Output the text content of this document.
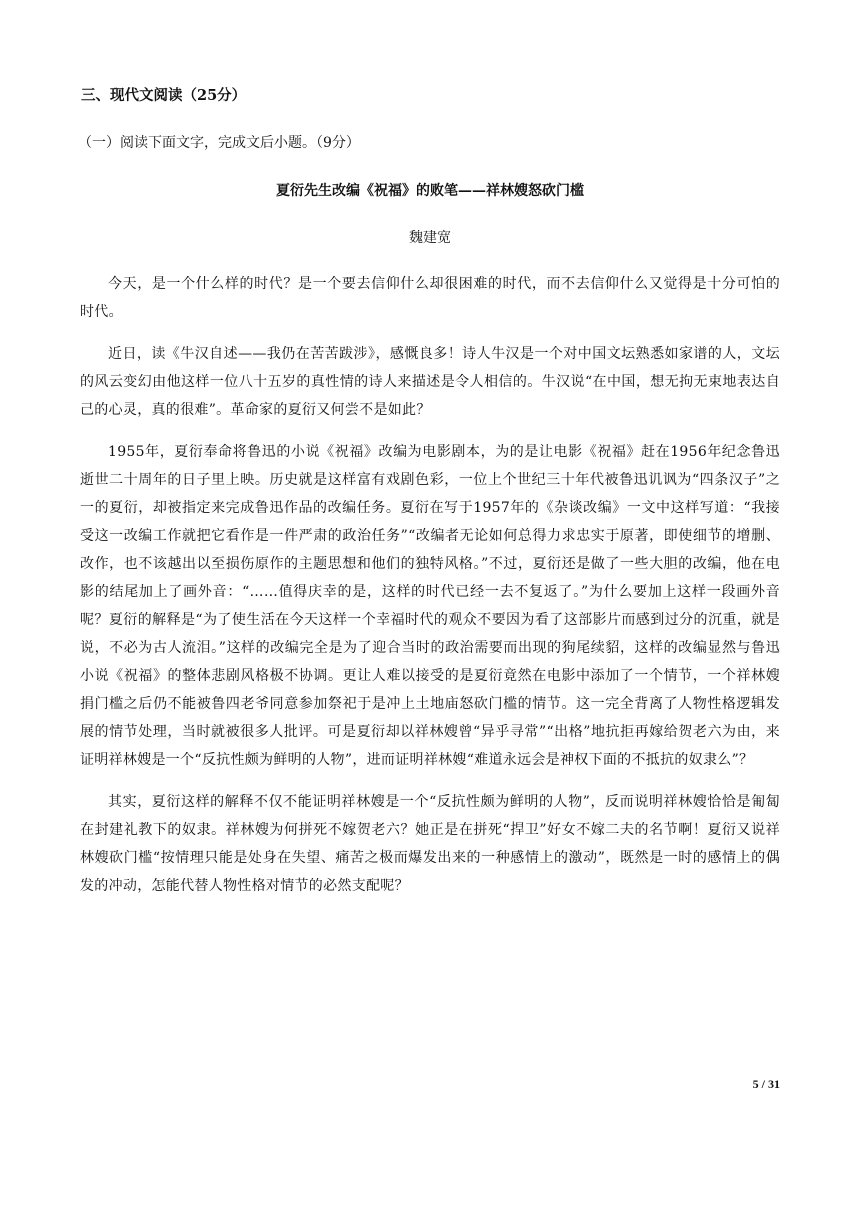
三、现代文阅读（25分）
（一）阅读下面文字，完成文后小题。（9分）
夏衍先生改编《祝福》的败笔——祥林嫂怒砍门槛
魏建宽

今天，是一个什么样的时代？是一个要去信仰什么却很困难的时代，而不去信仰什么又觉得是十分可怕的时代。

近日，读《牛汉自述——我仍在苦苦跋涉》，感慨良多！诗人牛汉是一个对中国文坛熟悉如家谱的人，文坛的风云变幻由他这样一位八十五岁的真性情的诗人来描述是令人相信的。牛汉说“在中国，想无拘无束地表达自己的心灵，真的很难”。革命家的夏衍又何尝不是如此？

1955年，夏衍奉命将鲁迅的小说《祝福》改编为电影剧本，为的是让电影《祝福》赶在1956年纪念鲁迅逝世二十周年的日子里上映。历史就是这样富有戏剧色彩，一位上个世纪三十年代被鲁迅讥讽为“四条汉子”之一的夏衍，却被指定来完成鲁迅作品的改编任务。夏衍在写于1957年的《杂谈改编》一文中这样写道：“我接受这一改编工作就把它看作是一件严肃的政治任务”“改编者无论如何总得力求忠实于原著，即使细节的增删、改作，也不该越出以至损伤原作的主题思想和他们的独特风格。”不过，夏衍还是做了一些大胆的改编，他在电影的结尾加上了画外音：“……值得庆幸的是，这样的时代已经一去不复返了。”为什么要加上这样一段画外音呢？夏衍的解释是“为了使生活在今天这样一个幸福时代的观众不要因为看了这部影片而感到过分的沉重，就是说，不必为古人流泪。”这样的改编完全是为了迎合当时的政治需要而出现的狗尾续貂，这样的改编显然与鲁迅小说《祝福》的整体悲剧风格极不协调。更让人难以接受的是夏衍竟然在电影中添加了一个情节，一个祥林嫂捐门槛之后仍不能被鲁四老爷同意参加祭祀于是冲上土地庙怒砍门槛的情节。这一完全背离了人物性格逻辑发展的情节处理，当时就被很多人批评。可是夏衍却以祥林嫂曾“异乎寻常”“出格”地抗拒再嫁给贺老六为由，来证明祥林嫂是一个“反抗性颇为鲜明的人物”，进而证明祥林嫂“难道永远会是神权下面的不抵抗的奴隶么”？

其实，夏衍这样的解释不仅不能证明祥林嫂是一个“反抗性颇为鲜明的人物”，反而说明祥林嫂恰恰是匍匐在封建礼教下的奴隶。祥林嫂为何拼死不嫁贺老六？她正是在拼死“捍卫”好女不嫁二夫的名节啊！夏衍又说祥林嫂砍门槛“按情理只能是处身在失望、痛苦之极而爆发出来的一种感情上的激动”，既然是一时的感情上的偶发的冲动，怎能代替人物性格对情节的必然支配呢？

5 / 31
